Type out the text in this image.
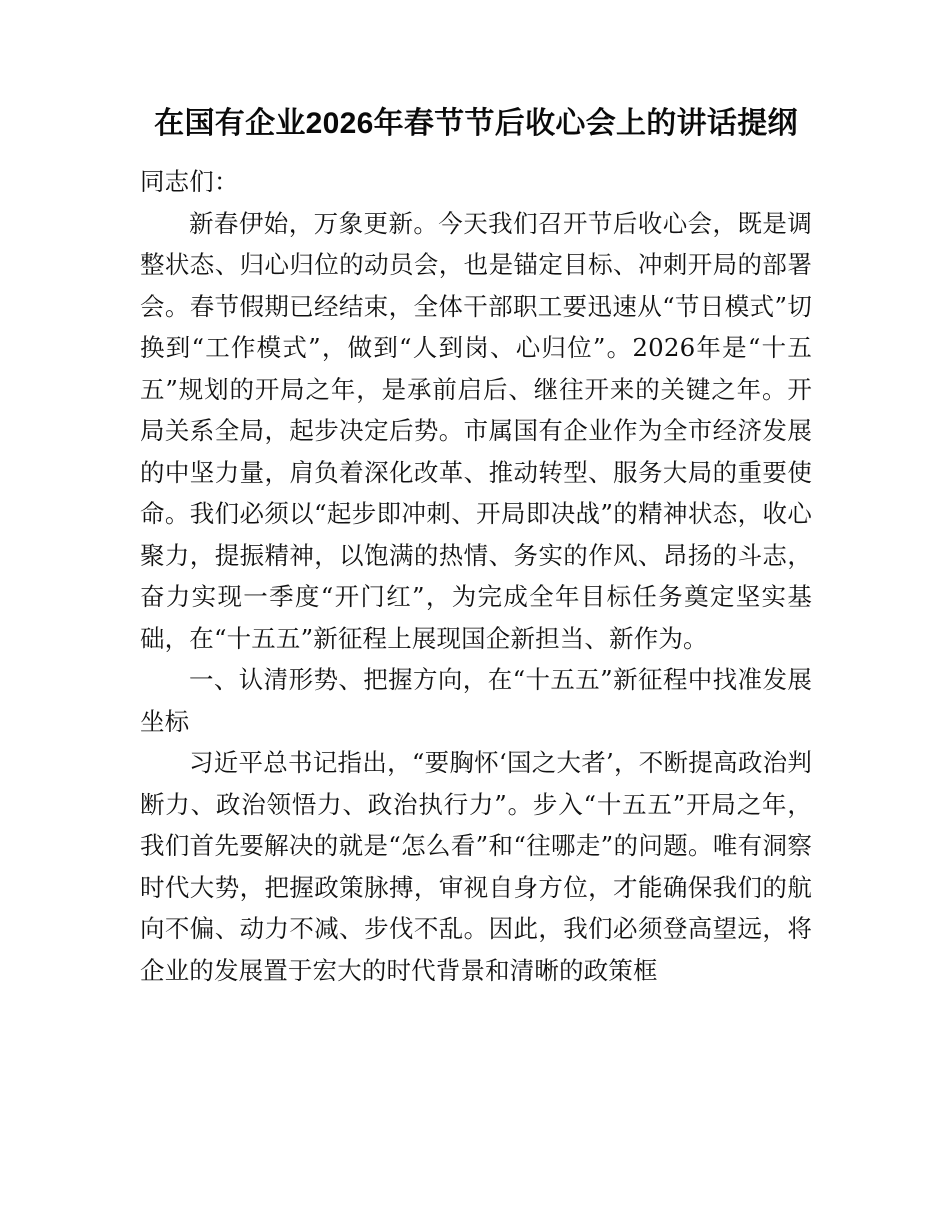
在国有企业2026年春节节后收心会上的讲话提纲

同志们：

新春伊始，万象更新。今天我们召开节后收心会，既是调整状态、归心归位的动员会，也是锚定目标、冲刺开局的部署会。春节假期已经结束，全体干部职工要迅速从“节日模式”切换到“工作模式”，做到“人到岗、心归位”。2026年是“十五五”规划的开局之年，是承前启后、继往开来的关键之年。开局关系全局，起步决定后势。市属国有企业作为全市经济发展的中坚力量，肩负着深化改革、推动转型、服务大局的重要使命。我们必须以“起步即冲刺、开局即决战”的精神状态，收心聚力，提振精神，以饱满的热情、务实的作风、昂扬的斗志，奋力实现一季度“开门红”，为完成全年目标任务奠定坚实基础，在“十五五”新征程上展现国企新担当、新作为。

一、认清形势、把握方向，在“十五五”新征程中找准发展坐标

习近平总书记指出，“要胸怀‘国之大者’，不断提高政治判断力、政治领悟力、政治执行力”。步入“十五五”开局之年，我们首先要解决的就是“怎么看”和“往哪走”的问题。唯有洞察时代大势，把握政策脉搏，审视自身方位，才能确保我们的航向不偏、动力不减、步伐不乱。因此，我们必须登高望远，将企业的发展置于宏大的时代背景和清晰的政策框
